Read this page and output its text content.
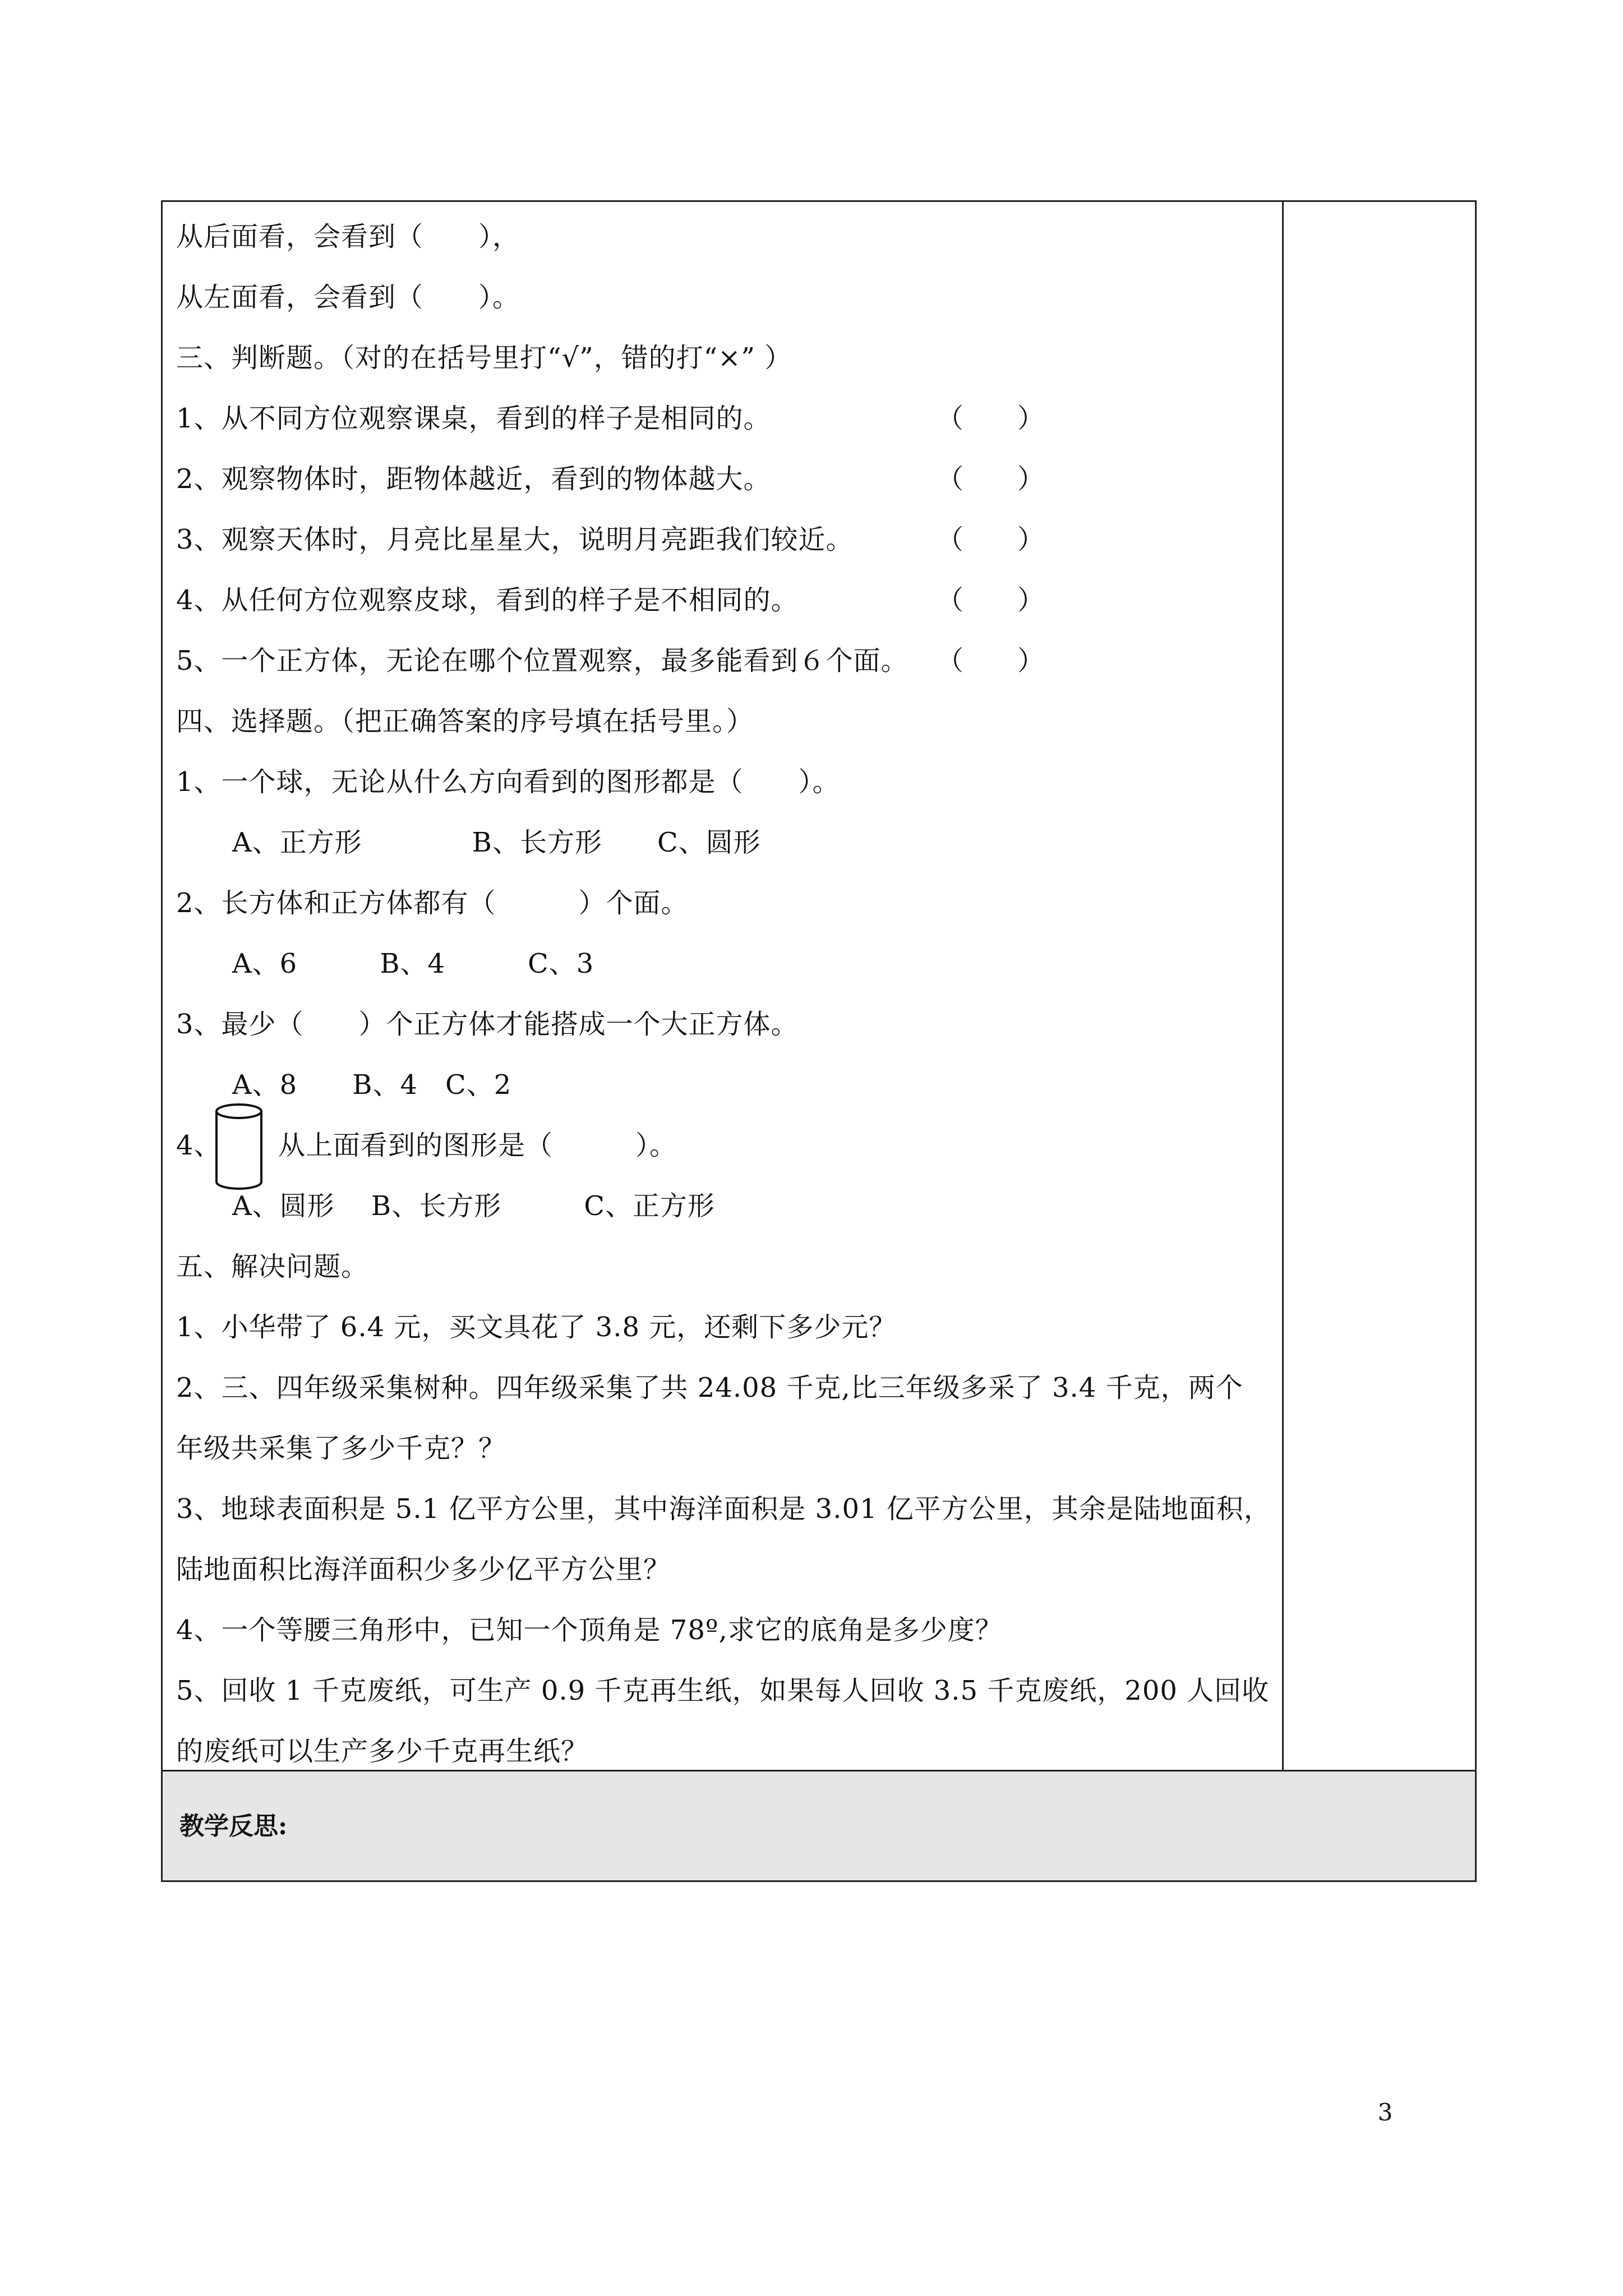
教学反思:
从后面看，会看到（　　），
从左面看，会看到（　　）。
三、判断题。（对的在括号里打“√”，错的打“×” ）
1、从不同方位观察课桌，看到的样子是相同的。	（　　）
2、观察物体时，距物体越近，看到的物体越大。	（　　）
3、观察天体时，月亮比星星大，说明月亮距我们较近。	（　　）
4、从任何方位观察皮球，看到的样子是不相同的。	（　　）
5、一个正方体，无论在哪个位置观察，最多能看到６个面。 （　　）
四、选择题。（把正确答案的序号填在括号里。）
1、一个球，无论从什么方向看到的图形都是（　　）。
A、正方形　　　　B、长方形　　C、圆形
2、长方体和正方体都有（　　　）个面。
A、6　　　B、4　　　C、3
3、最少（　　）个正方体才能搭成一个大正方体。
A、8　　B、4　C、2
4、 从上面看到的图形是（　　　）。
A、圆形　 B、长方形　　　C、正方形
五、解决问题。
1、小华带了 6.4 元，买文具花了 3.8 元，还剩下多少元？
2、三、四年级采集树种。四年级采集了共 24.08 千克,比三年级多采了 3.4 千克，两个
年级共采集了多少千克？？
3、地球表面积是 5.1 亿平方公里，其中海洋面积是 3.01 亿平方公里，其余是陆地面积，
陆地面积比海洋面积少多少亿平方公里？
4、一个等腰三角形中，已知一个顶角是 78º,求它的底角是多少度？
5、回收 1 千克废纸，可生产 0.9 千克再生纸，如果每人回收 3.5 千克废纸，200 人回收
的废纸可以生产多少千克再生纸？
3
